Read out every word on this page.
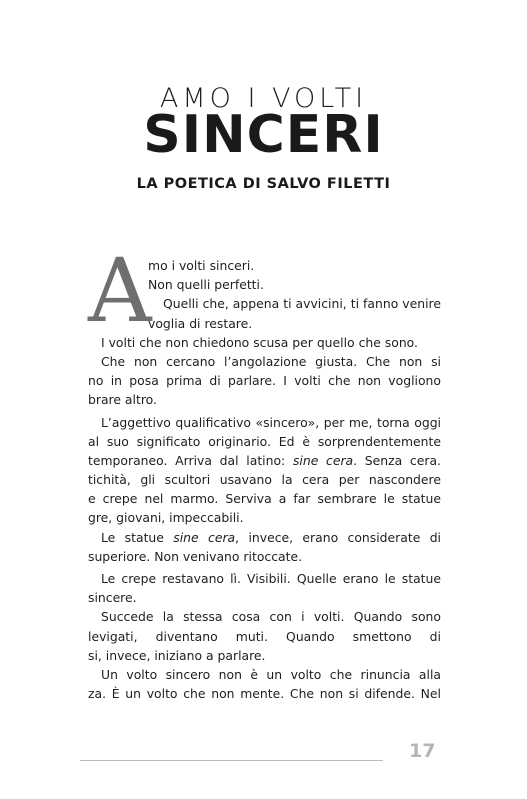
AMO I VOLTI
SINCERI
LA POETICA DI SALVO FILETTI
A
mo i volti sinceri.
Non quelli perfetti.
Quelli che, appena ti avvicini, ti fanno venire
voglia di restare.
I volti che non chiedono scusa per quello che sono.
Che non cercano l’angolazione giusta. Che non si
no in posa prima di parlare. I volti che non vogliono
brare altro.
L’aggettivo qualificativo «sincero», per me, torna oggi
al suo significato originario. Ed è sorprendentemente
temporaneo. Arriva dal latino: sine cera. Senza cera.
tichità, gli scultori usavano la cera per nascondere
e crepe nel marmo. Serviva a far sembrare le statue
gre, giovani, impeccabili.
Le statue sine cera, invece, erano considerate di
superiore. Non venivano ritoccate.
Le crepe restavano lì. Visibili. Quelle erano le statue
sincere.
Succede la stessa cosa con i volti. Quando sono
levigati, diventano muti. Quando smettono di
si, invece, iniziano a parlare.
Un volto sincero non è un volto che rinuncia alla
za. È un volto che non mente. Che non si difende. Nel
17
